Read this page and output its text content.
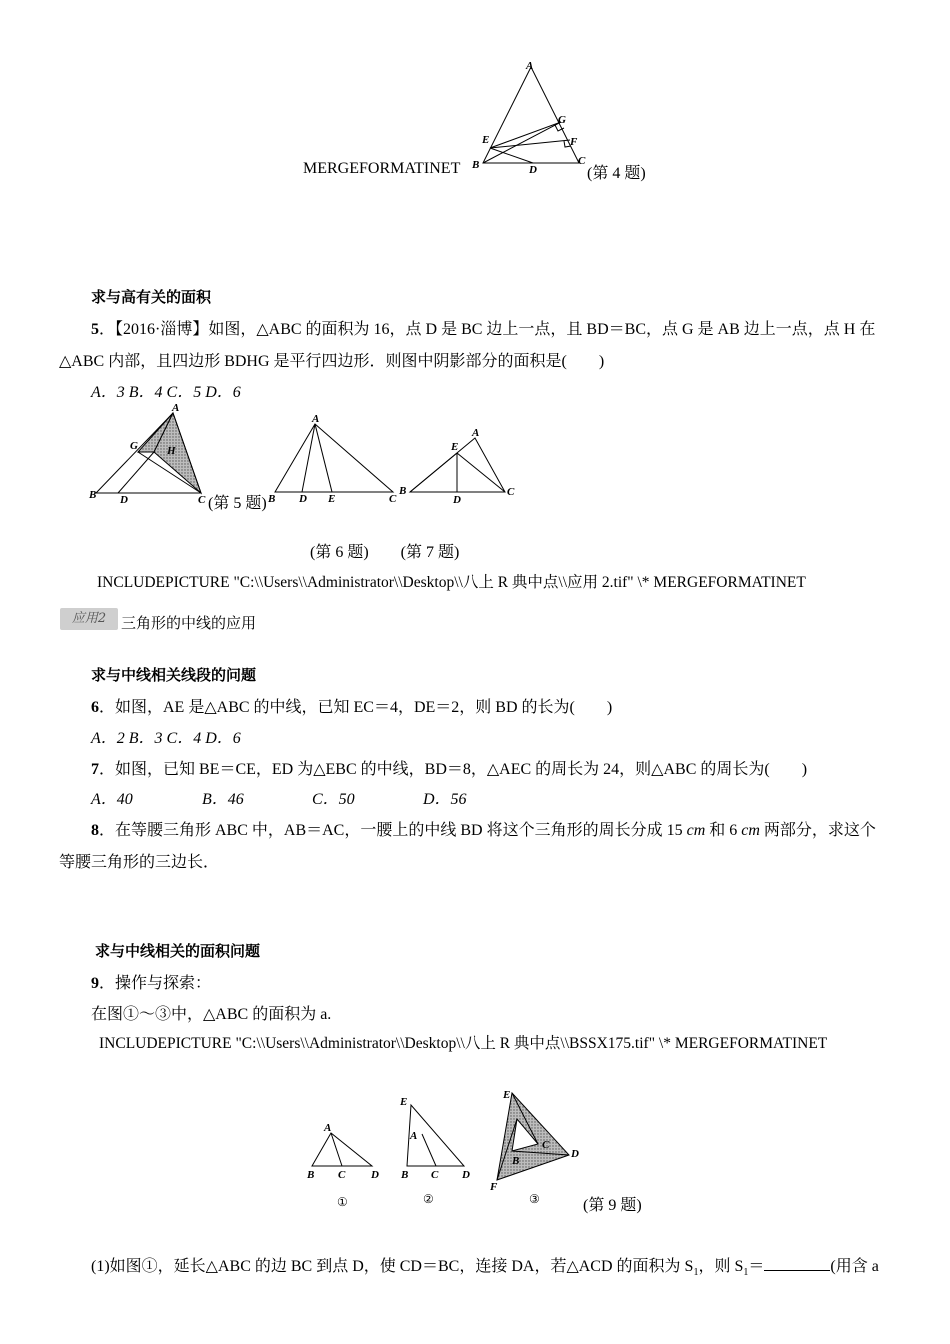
A
G
E	F
B	D
C
MERGEFORMATINET	(第 4 题)
求与高有关的面积
5．【2016·淄博】如图，△ABC 的面积为 16，点 D 是 BC 边上一点，且 BD＝BC，点 G 是 AB 边上一点，点 H 在
△ABC 内部，且四边形 BDHG 是平行四边形．则图中阴影部分的面积是(　　)
A．3 B．4 C．5 D．6
A
G	H
B D	C (第 5 题)
A
B D E	C
E
A
B
D
C
(第 6 题)　　(第 7 题)
INCLUDEPICTURE "C:\\Users\\Administrator\\Desktop\\八上 R 典中点\\应用 2.tif" \* MERGEFORMATINET
应用2 三角形的中线的应用
求与中线相关线段的问题
6．如图，AE 是△ABC 的中线，已知 EC＝4，DE＝2，则 BD 的长为(　　)
A．2 B．3 C．4 D．6
7．如图，已知 BE＝CE，ED 为△EBC 的中线，BD＝8，△AEC 的周长为 24，则△ABC 的周长为(　　)
A．40	B．46	C．50	D．56
8．在等腰三角形 ABC 中，AB＝AC，一腰上的中线 BD 将这个三角形的周长分成 15 cm 和 6 cm 两部分，求这个
等腰三角形的三边长．
求与中线相关的面积问题
9．操作与探索：
在图①～③中，△ABC 的面积为 a.
INCLUDEPICTURE "C:\\Users\\Administrator\\Desktop\\八上 R 典中点\\BSSX175.tif" \* MERGEFORMATINET
A
B C D
①
E
A
B C D
②
E
C
B
D
F
③	(第 9 题)
(1)如图①，延长△ABC 的边 BC 到点 D，使 CD＝BC，连接 DA，若△ACD 的面积为 $S_1$，则 $S_1=$	(用含 a
